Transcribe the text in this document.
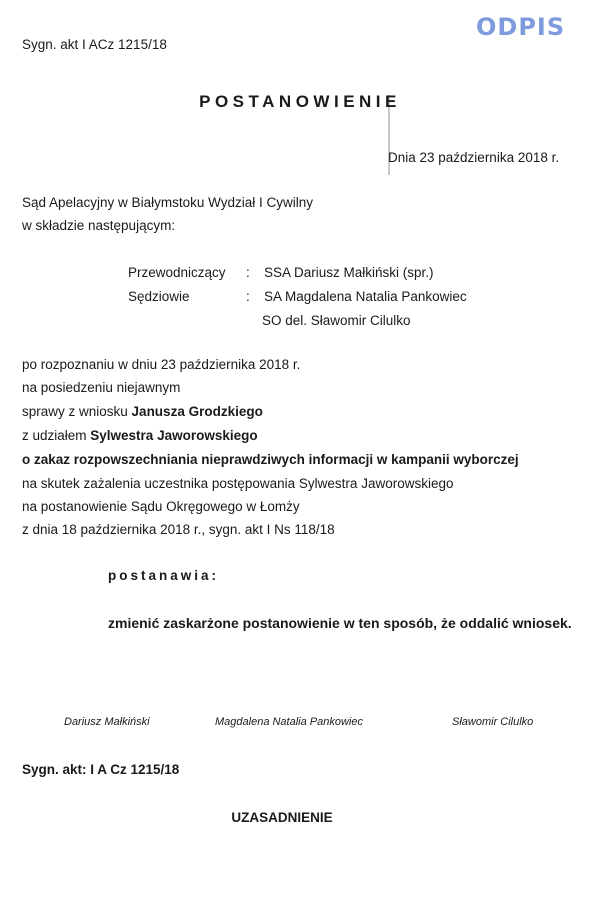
Sygn. akt I ACz 1215/18
ODPIS
POSTANOWIENIE
Dnia 23 października 2018 r.
Sąd Apelacyjny w Białymstoku Wydział I Cywilny
w składzie następującym:
Przewodniczący : SSA Dariusz Małkiński (spr.)
Sędziowie	: SA Magdalena Natalia Pankowiec
SO del. Sławomir Cilulko
po rozpoznaniu w dniu 23 października 2018 r.
na posiedzeniu niejawnym
sprawy z wniosku Janusza Grodzkiego
z udziałem Sylwestra Jaworowskiego
o zakaz rozpowszechniania nieprawdziwych informacji w kampanii wyborczej
na skutek zażalenia uczestnika postępowania Sylwestra Jaworowskiego
na postanowienie Sądu Okręgowego w Łomży
z dnia 18 października 2018 r., sygn. akt I Ns 118/18
postanawia:
zmienić zaskarżone postanowienie w ten sposób, że oddalić wniosek.
Dariusz Małkiński	Magdalena Natalia Pankowiec	Sławomir Cilulko
Sygn. akt: I A Cz 1215/18
UZASADNIENIE
